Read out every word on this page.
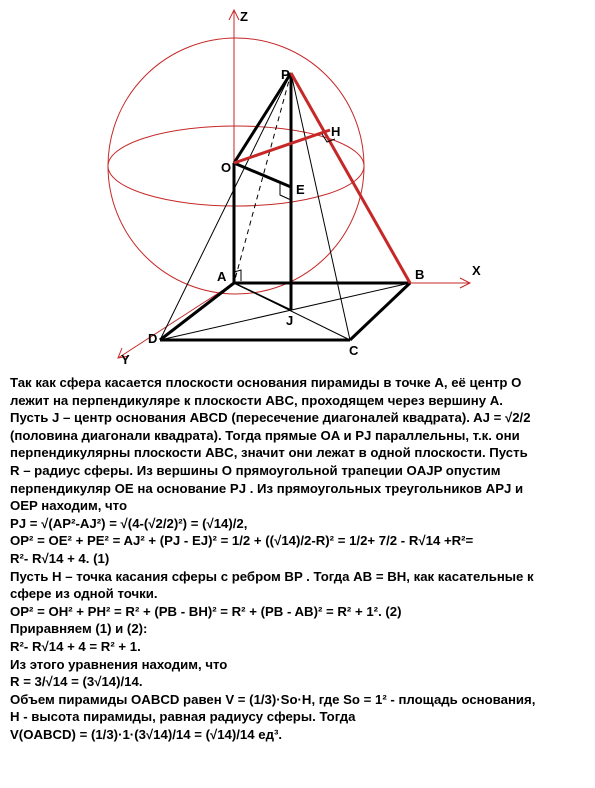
Z
P
H
O
E
A	B	X
J
D
C
Y
Так как сфера касается плоскости основания пирамиды в точке A, её центр O
лежит на перпендикуляре к плоскости ABC, проходящем через вершину A.
Пусть J – центр основания ABCD (пересечение диагоналей квадрата). AJ = √2/2
(половина диагонали квадрата). Тогда прямые OA и PJ параллельны, т.к. они
перпендикулярны плоскости ABC, значит они лежат в одной плоскости. Пусть
R – радиус сферы. Из вершины O прямоугольной трапеции OAJP опустим
перпендикуляр OE на основание PJ . Из прямоугольных треугольников APJ и
OEP находим, что
PJ = √(AP²-AJ²) = √(4-(√2/2)²) = (√14)/2,
OP² = OE² + PE² = AJ² + (PJ - EJ)² = 1/2 + ((√14)/2-R)² = 1/2+ 7/2 - R√14 +R²=
R²- R√14 + 4. (1)
Пусть H – точка касания сферы с ребром BP . Тогда AB = BH, как касательные к
сфере из одной точки.
OP² = OH² + PH² = R² + (PB - BH)² = R² + (PB - AB)² = R² + 1². (2)
Приравняем (1) и (2):
R²- R√14 + 4 = R² + 1.
Из этого уравнения находим, что
R = 3/√14 = (3√14)/14.
Объем пирамиды OABCD равен V = (1/3)·So·H, где So = 1² - площадь основания,
H - высота пирамиды, равная радиусу сферы. Тогда
V(OABCD) = (1/3)·1·(3√14)/14 = (√14)/14 ед³.
